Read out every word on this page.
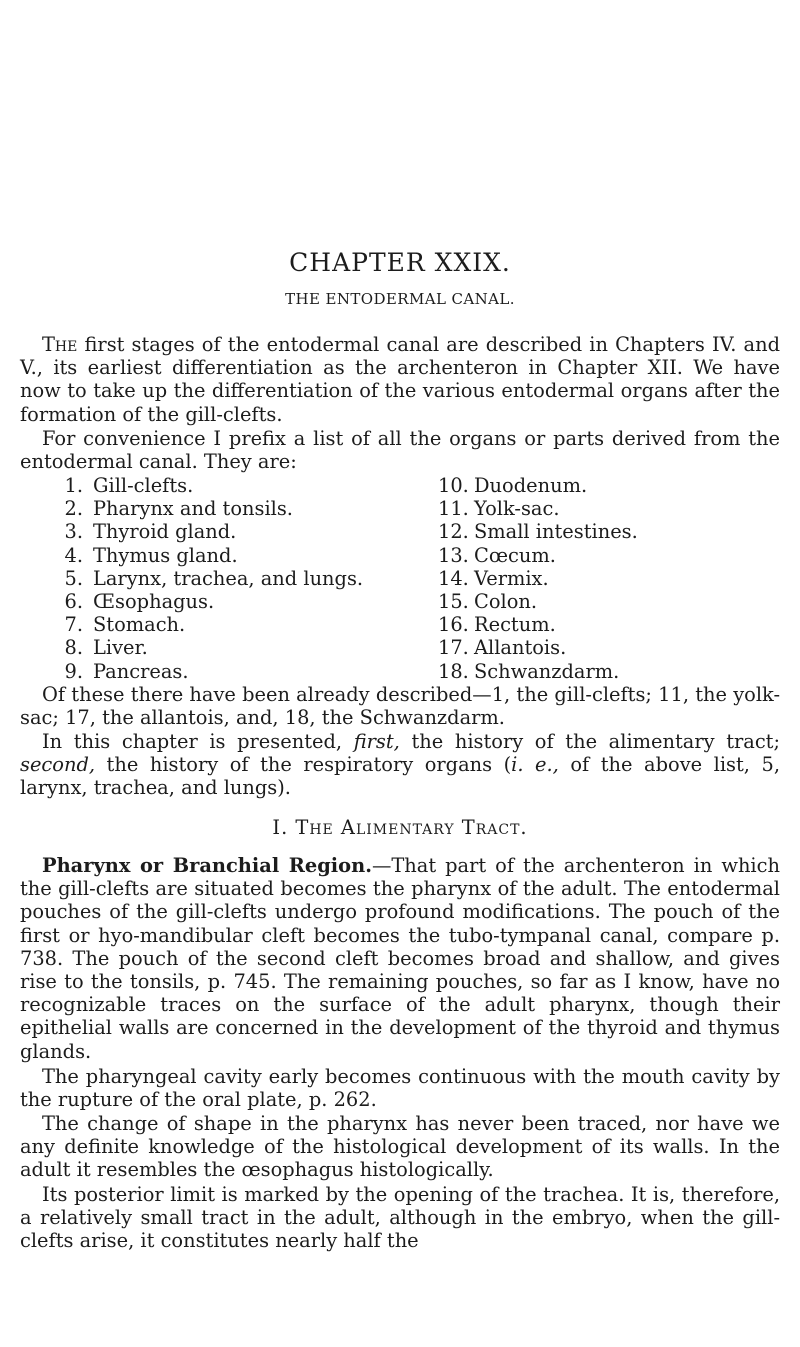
CHAPTER XXIX.
THE ENTODERMAL CANAL.

The first stages of the entodermal canal are described in Chapters IV. and V., its earliest differentiation as the archenteron in Chapter XII. We have now to take up the differentiation of the various entodermal organs after the formation of the gill-clefts.

For convenience I prefix a list of all the organs or parts derived from the entodermal canal. They are:

1. Gill-clefts.
2. Pharynx and tonsils.
3. Thyroid gland.
4. Thymus gland.
5. Larynx, trachea, and lungs.
6. Œsophagus.
7. Stomach.
8. Liver.
9. Pancreas.
10. Duodenum.
11. Yolk-sac.
12. Small intestines.
13. Cœcum.
14. Vermix.
15. Colon.
16. Rectum.
17. Allantois.
18. Schwanzdarm.

Of these there have been already described—1, the gill-clefts; 11, the yolk-sac; 17, the allantois, and, 18, the Schwanzdarm.

In this chapter is presented, first, the history of the alimentary tract; second, the history of the respiratory organs (i. e., of the above list, 5, larynx, trachea, and lungs).

I. The Alimentary Tract.

Pharynx or Branchial Region.—That part of the archenteron in which the gill-clefts are situated becomes the pharynx of the adult. The entodermal pouches of the gill-clefts undergo profound modifications. The pouch of the first or hyo-mandibular cleft becomes the tubo-tympanal canal, compare p. 738. The pouch of the second cleft becomes broad and shallow, and gives rise to the tonsils, p. 745. The remaining pouches, so far as I know, have no recognizable traces on the surface of the adult pharynx, though their epithelial walls are concerned in the development of the thyroid and thymus glands.

The pharyngeal cavity early becomes continuous with the mouth cavity by the rupture of the oral plate, p. 262.

The change of shape in the pharynx has never been traced, nor have we any definite knowledge of the histological development of its walls. In the adult it resembles the œsophagus histologically.

Its posterior limit is marked by the opening of the trachea. It is, therefore, a relatively small tract in the adult, although in the embryo, when the gill-clefts arise, it constitutes nearly half the
